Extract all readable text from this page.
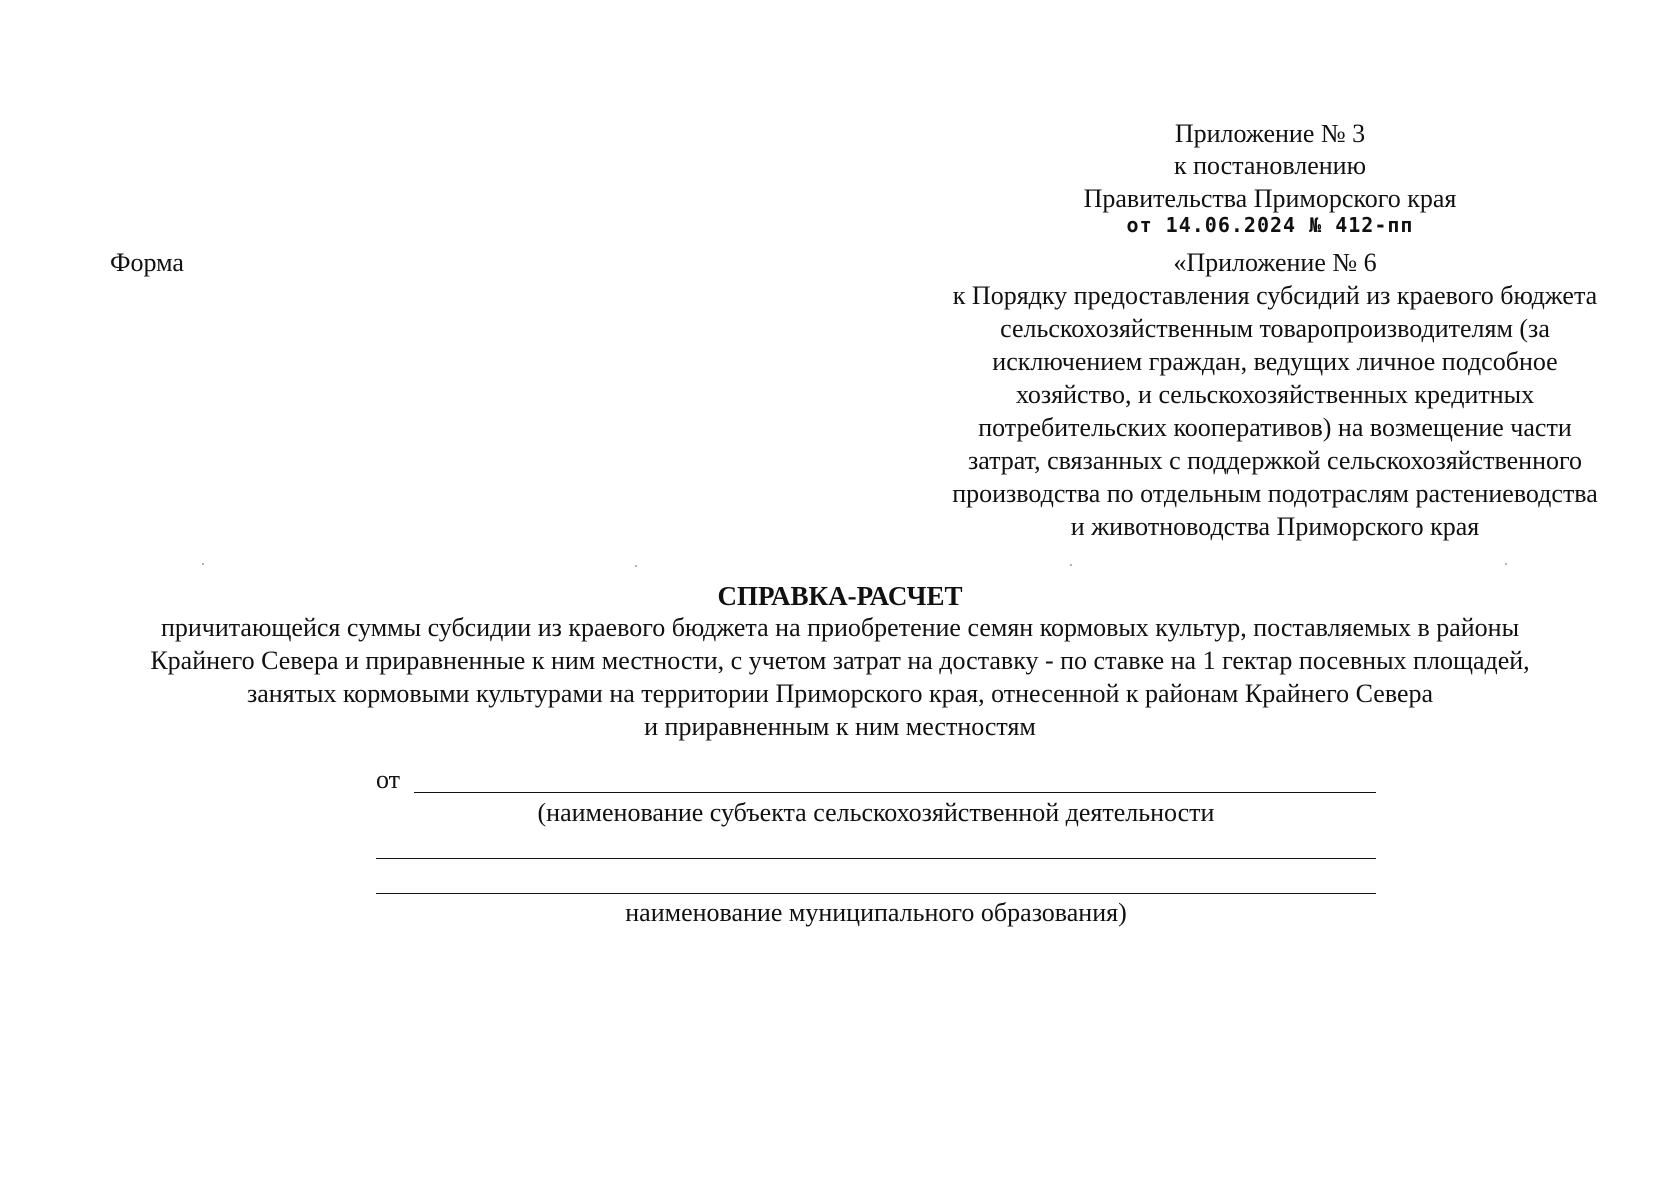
Приложение № 3
к постановлению
Правительства Приморского края
от 14.06.2024 № 412-пп
Форма	«Приложение № 6
к Порядку предоставления субсидий из краевого бюджета
сельскохозяйственным товаропроизводителям (за
исключением граждан, ведущих личное подсобное
хозяйство, и сельскохозяйственных кредитных
потребительских кооперативов) на возмещение части
затрат, связанных с поддержкой сельскохозяйственного
производства по отдельным подотраслям растениеводства
и животноводства Приморского края
СПРАВКА-РАСЧЕТ
причитающейся суммы субсидии из краевого бюджета на приобретение семян кормовых культур, поставляемых в районы
Крайнего Севера и приравненные к ним местности, с учетом затрат на доставку - по ставке на 1 гектар посевных площадей,
занятых кормовыми культурами на территории Приморского края, отнесенной к районам Крайнего Севера
и приравненным к ним местностям
от
(наименование субъекта сельскохозяйственной деятельности
наименование муниципального образования)
